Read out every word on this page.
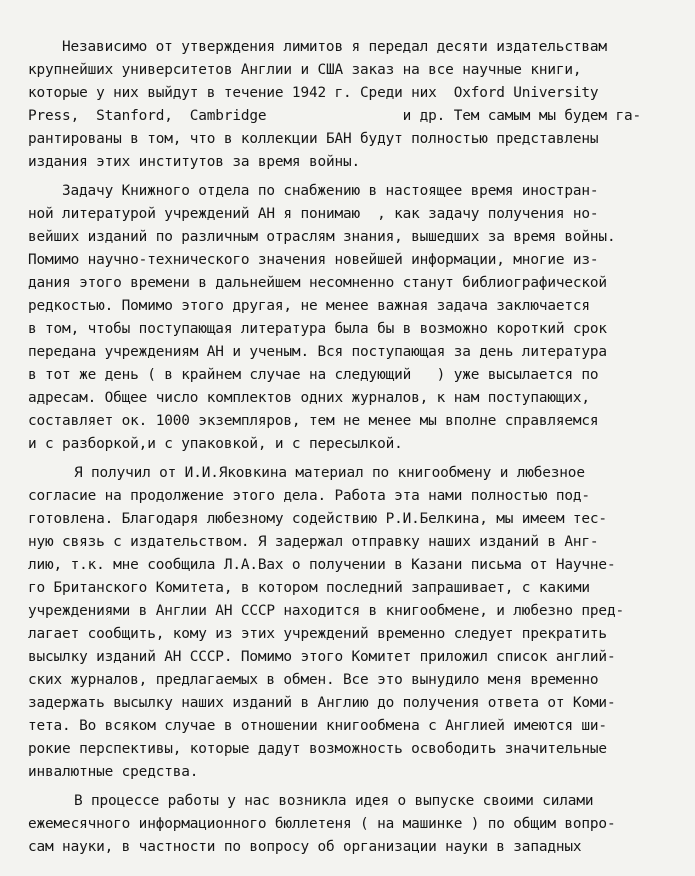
Независимо от утверждения лимитов я передал десяти издательствам
крупнейших университетов Англии и США заказ на все научные книги,
которые у них выйдут в течение 1942 г. Среди них  Oxford University
Press,  Stanford,  Cambridge                и др. Тем самым мы будем га-
рантированы в том, что в коллекции БАН будут полностью представлены
издания этих институтов за время войны.
Задачу Книжного отдела по снабжению в настоящее время иностран-
ной литературой учреждений АН я понимаю  , как задачу получения но-
вейших изданий по различным отраслям знания, вышедших за время войны.
Помимо научно-технического значения новейшей информации, многие из-
дания этого времени в дальнейшем несомненно станут библиографической
редкостью. Помимо этого другая, не менее важная задача заключается
в том, чтобы поступающая литература была бы в возможно короткий срок
передана учреждениям АН и ученым. Вся поступающая за день литература
в тот же день ( в крайнем случае на следующий   ) уже высылается по
адресам. Общее число комплектов одних журналов, к нам поступающих,
составляет ок. 1000 экземпляров, тем не менее мы вполне справляемся
и с разборкой,и с упаковкой, и с пересылкой.
Я получил от И.И.Яковкина материал по книгообмену и любезное
согласие на продолжение этого дела. Работа эта нами полностью под-
готовлена. Благодаря любезному содействию Р.И.Белкина, мы имеем тес-
ную связь с издательством. Я задержал отправку наших изданий в Анг-
лию, т.к. мне сообщила Л.А.Вах о получении в Казани письма от Научне-
го Британского Комитета, в котором последний запрашивает, с какими
учреждениями в Англии АН СССР находится в книгообмене, и любезно пред-
лагает сообщить, кому из этих учреждений временно следует прекратить
высылку изданий АН СССР. Помимо этого Комитет приложил список англий-
ских журналов, предлагаемых в обмен. Все это вынудило меня временно
задержать высылку наших изданий в Англию до получения ответа от Коми-
тета. Во всяком случае в отношении книгообмена с Англией имеются ши-
рокие перспективы, которые дадут возможность освободить значительные
инвалютные средства.
В процессе работы у нас возникла идея о выпуске своими силами
ежемесячного информационного бюллетеня ( на машинке ) по общим вопро-
сам науки, в частности по вопросу об организации науки в западных
